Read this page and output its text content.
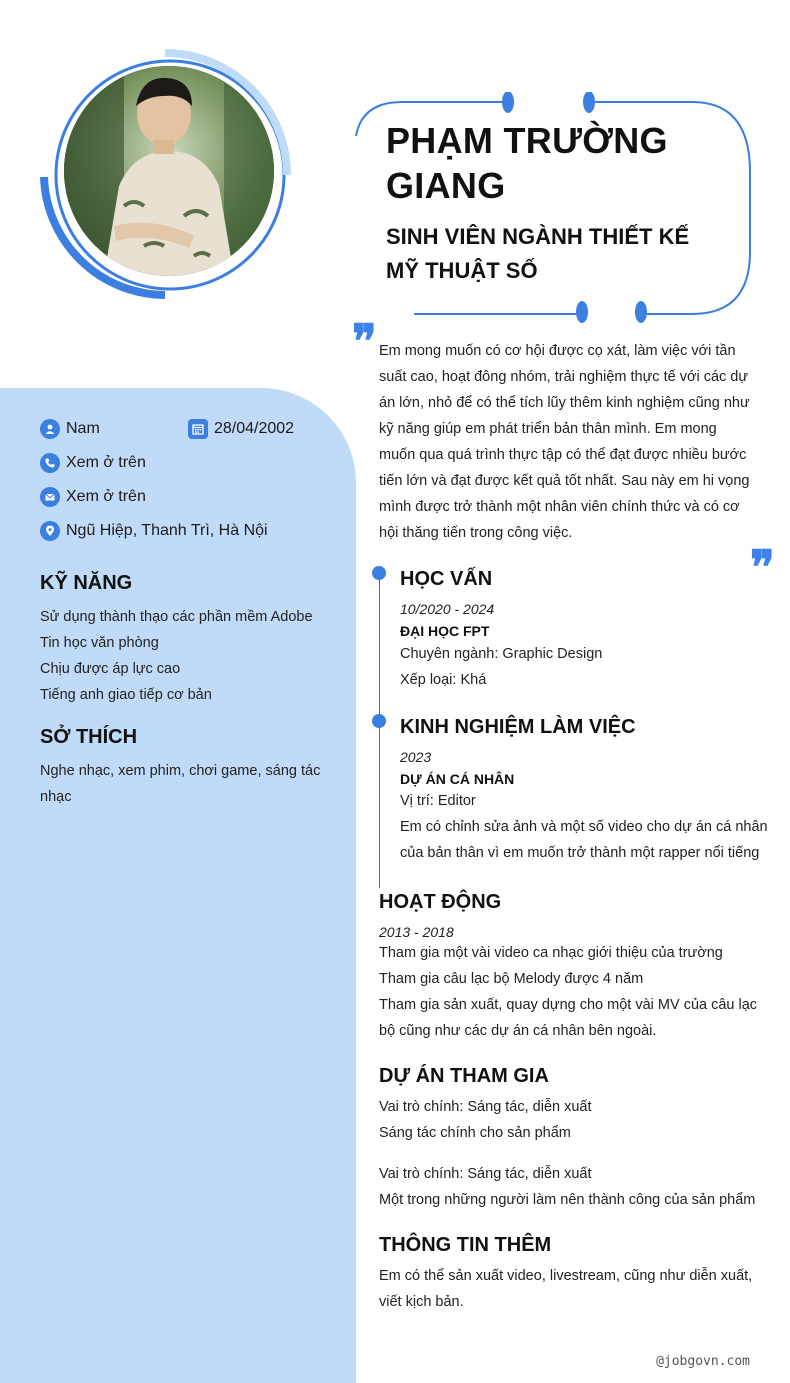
PHẠM TRƯỜNG
GIANG
SINH VIÊN NGÀNH THIẾT KẾ
MỸ THUẬT SỐ
❞
❞
Em mong muốn có cơ hội được cọ xát, làm việc với tần suất cao, hoạt đông nhóm, trải nghiệm thực tế với các dự án lớn, nhỏ để có thể tích lũy thêm kinh nghiệm cũng như kỹ năng giúp em phát triển bản thân mình. Em mong muốn qua quá trình thực tập có thể đạt được nhiều bước tiến lớn và đạt được kết quả tốt nhất. Sau này em hi vọng mình được trở thành một nhân viên chính thức và có cơ hội thăng tiến trong công việc.
Nam	28/04/2002
Xem ở trên
Xem ở trên
Ngũ Hiệp, Thanh Trì, Hà Nội
KỸ NĂNG
Sử dụng thành thạo các phần mềm Adobe
Tin học văn phòng
Chịu được áp lực cao
Tiếng anh giao tiếp cơ bản
SỞ THÍCH
Nghe nhạc, xem phim, chơi game, sáng tác
nhạc
HỌC VẤN
10/2020 - 2024
ĐẠI HỌC FPT
Chuyên ngành: Graphic Design
Xếp loại: Khá
KINH NGHIỆM LÀM VIỆC
2023
DỰ ÁN CÁ NHÂN
Vị trí: Editor
Em có chỉnh sửa ảnh và một số video cho dự án cá nhân
của bản thân vì em muốn trở thành một rapper nổi tiếng
HOẠT ĐỘNG
2013 - 2018
Tham gia một vài video ca nhạc giới thiệu của trường
Tham gia câu lạc bộ Melody được 4 năm
Tham gia sản xuất, quay dựng cho một vài MV của câu lạc
bộ cũng như các dự án cá nhân bên ngoài.
DỰ ÁN THAM GIA
Vai trò chính: Sáng tác, diễn xuất
Sáng tác chính cho sản phẩm
Vai trò chính: Sáng tác, diễn xuất
Một trong những người làm nên thành công của sản phẩm
THÔNG TIN THÊM
Em có thể sản xuất video, livestream, cũng như diễn xuất,
viết kịch bản.
@jobgovn.com
